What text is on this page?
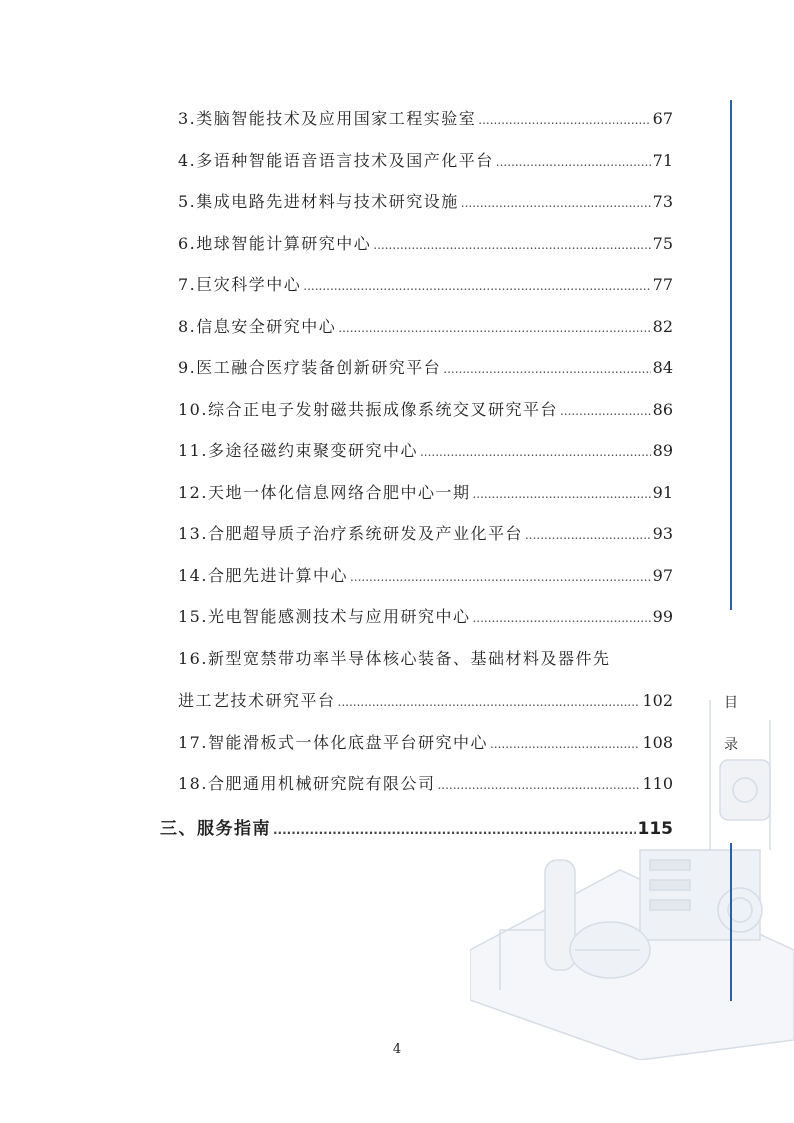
目
录
3.类脑智能技术及应用国家工程实验室 .....	67
4.多语种智能语音语言技术及国产化平台 .....	71
5.集成电路先进材料与技术研究设施 .....	73
6.地球智能计算研究中心 .....	75
7.巨灾科学中心 .....	77
8.信息安全研究中心 .....	82
9.医工融合医疗装备创新研究平台 .....	84
10.综合正电子发射磁共振成像系统交叉研究平台 .....	86
11.多途径磁约束聚变研究中心 .....	89
12.天地一体化信息网络合肥中心一期 .....	91
13.合肥超导质子治疗系统研发及产业化平台 .....	93
14.合肥先进计算中心 .....	97
15.光电智能感测技术与应用研究中心 .....	99
16.新型宽禁带功率半导体核心装备、基础材料及器件先
进工艺技术研究平台 .....	102
17.智能滑板式一体化底盘平台研究中心 .....	108
18.合肥通用机械研究院有限公司 .....	110
三、服务指南 .....	115
4
